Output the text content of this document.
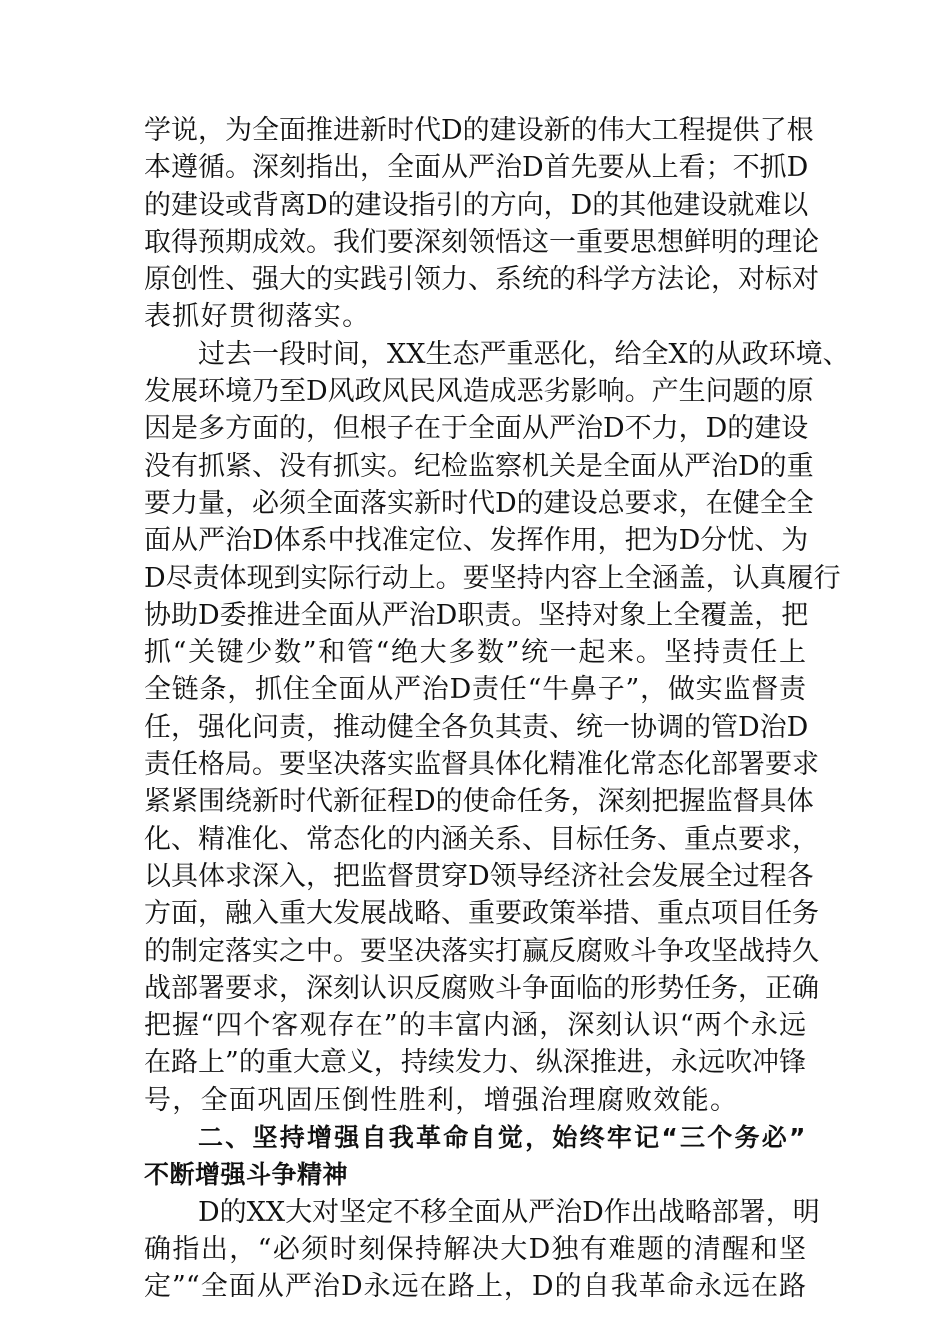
学说，为全面推进新时代D的建设新的伟大工程提供了根
本遵循。深刻指出，全面从严治D首先要从上看；不抓D
的建设或背离D的建设指引的方向，D的其他建设就难以
取得预期成效。我们要深刻领悟这一重要思想鲜明的理论
原创性、强大的实践引领力、系统的科学方法论，对标对
表抓好贯彻落实。
过去一段时间，XX生态严重恶化，给全X的从政环境、
发展环境乃至D风政风民风造成恶劣影响。产生问题的原
因是多方面的，但根子在于全面从严治D不力，D的建设
没有抓紧、没有抓实。纪检监察机关是全面从严治D的重
要力量，必须全面落实新时代D的建设总要求，在健全全
面从严治D体系中找准定位、发挥作用，把为D分忧、为
D尽责体现到实际行动上。要坚持内容上全涵盖，认真履行
协助D委推进全面从严治D职责。坚持对象上全覆盖，把
抓“关键少数”和管“绝大多数”统一起来。坚持责任上
全链条，抓住全面从严治D责任“牛鼻子”，做实监督责
任，强化问责，推动健全各负其责、统一协调的管D治D
责任格局。要坚决落实监督具体化精准化常态化部署要求
紧紧围绕新时代新征程D的使命任务，深刻把握监督具体
化、精准化、常态化的内涵关系、目标任务、重点要求，
以具体求深入，把监督贯穿D领导经济社会发展全过程各
方面，融入重大发展战略、重要政策举措、重点项目任务
的制定落实之中。要坚决落实打赢反腐败斗争攻坚战持久
战部署要求，深刻认识反腐败斗争面临的形势任务，正确
把握“四个客观存在”的丰富内涵，深刻认识“两个永远
在路上”的重大意义，持续发力、纵深推进，永远吹冲锋
号，全面巩固压倒性胜利，增强治理腐败效能。
二、坚持增强自我革命自觉，始终牢记“三个务必”
不断增强斗争精神
D的XX大对坚定不移全面从严治D作出战略部署，明
确指出，“必须时刻保持解决大D独有难题的清醒和坚
定”“全面从严治D永远在路上，D的自我革命永远在路
